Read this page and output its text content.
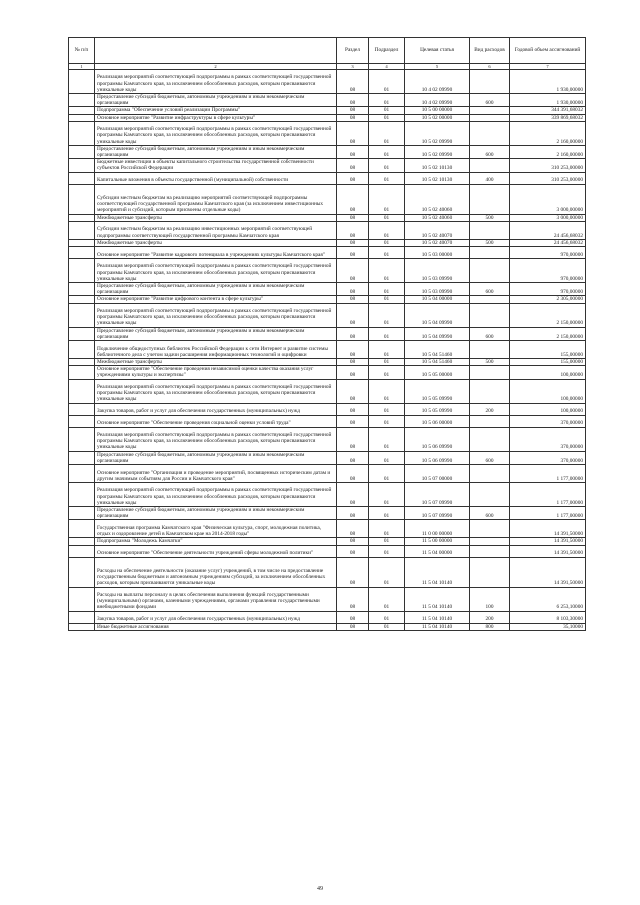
№ п/п		Раздел	Подраздел	Целевая статья	Вид расходов	Годовой объем ассигнований
1	2	3	4	5	6	7
	Реализация мероприятий соответствующей подпрограммы в рамках соответствующей государственной программы Камчатского края, за исключением обособленных расходов, которым присваиваются уникальные коды	08	01	10 4 02 09990		1 930,00000
	Предоставление субсидий бюджетным, автономным учреждениям и иным некоммерческим организациям	08	01	10 4 02 09990	600	1 930,00000
	Подпрограмма "Обеспечение условий реализации Программы"	08	01	10 5 00 00000		344 391,68032
	Основное мероприятие "Развитие инфраструктуры в сфере культуры"	08	01	10 5 02 00000		339 869,68032
	Реализация мероприятий соответствующей подпрограммы в рамках соответствующей государственной программы Камчатского края, за исключением обособленных расходов, которым присваиваются уникальные коды	08	01	10 5 02 09990		2 160,00000
	Предоставление субсидий бюджетным, автономным учреждениям и иным некоммерческим организациям	08	01	10 5 02 09990	600	2 160,00000
	Бюджетные инвестиции в объекты капитального строительства государственной собственности субъектов Российской Федерации	08	01	10 5 02 10130		310 253,00000
	Капитальные вложения в объекты государственной (муниципальной) собственности	08	01	10 5 02 10130	400	310 253,00000
	Субсидии местным бюджетам на реализацию мероприятий соответствующей подпрограммы соответствующей государственной программы Камчатского края (за исключением инвестиционных мероприятий и субсидий, которым присвоены отдельные коды)	08	01	10 5 02 40060		3 000,00000
	Межбюджетные трансферты	08	01	10 5 02 40060	500	3 000,00000
	Субсидии местным бюджетам на реализацию инвестиционных мероприятий соответствующей подпрограммы соответствующей государственной программы Камчатского края	08	01	10 5 02 40070		24 456,68032
	Межбюджетные трансферты	08	01	10 5 02 40070	500	24 456,68032
	Основное мероприятие "Развитие кадрового потенциала в учреждениях культуры Камчатского края"	08	01	10 5 03 00000		970,00000
	Реализация мероприятий соответствующей подпрограммы в рамках соответствующей государственной программы Камчатского края, за исключением обособленных расходов, которым присваиваются уникальные коды	08	01	10 5 03 09990		970,00000
	Предоставление субсидий бюджетным, автономным учреждениям и иным некоммерческим организациям	08	01	10 5 03 09990	600	970,00000
	Основное мероприятие "Развитие цифрового контента в сфере культуры"	08	01	10 5 04 00000		2 305,00000
	Реализация мероприятий соответствующей подпрограммы в рамках соответствующей государственной программы Камчатского края, за исключением обособленных расходов, которым присваиваются уникальные коды	08	01	10 5 04 09990		2 150,00000
	Предоставление субсидий бюджетным, автономным учреждениям и иным некоммерческим организациям	08	01	10 5 04 09990	600	2 150,00000
	Подключение общедоступных библиотек Российской Федерации к сети Интернет и развитие системы библиотечного дела с учетом задачи расширения информационных технологий и оцифровки	08	01	10 5 04 51460		155,00000
	Межбюджетные трансферты	08	01	10 5 04 51460	500	155,00000
	Основное мероприятие "Обеспечение проведения независимой оценки качества оказания услуг учреждениями культуры и экспертизы"	08	01	10 5 05 00000		100,00000
	Реализация мероприятий соответствующей подпрограммы в рамках соответствующей государственной программы Камчатского края, за исключением обособленных расходов, которым присваиваются уникальные коды	08	01	10 5 05 09990		100,00000
	Закупка товаров, работ и услуг для обеспечения государственных (муниципальных) нужд	08	01	10 5 05 09990	200	100,00000
	Основное мероприятие "Обеспечение проведения социальной оценки условий труда"	08	01	10 5 06 00000		370,00000
	Реализация мероприятий соответствующей подпрограммы в рамках соответствующей государственной программы Камчатского края, за исключением обособленных расходов, которым присваиваются уникальные коды	08	01	10 5 06 09990		370,00000
	Предоставление субсидий бюджетным, автономным учреждениям и иным некоммерческим организациям	08	01	10 5 06 09990	600	370,00000
	Основное мероприятие "Организация и проведение мероприятий, посвященных историческим датам и другим значимым событиям для России и Камчатского края"	08	01	10 5 07 00000		1 177,00000
	Реализация мероприятий соответствующей подпрограммы в рамках соответствующей государственной программы Камчатского края, за исключением обособленных расходов, которым присваиваются уникальные коды	08	01	10 5 07 09990		1 177,00000
	Предоставление субсидий бюджетным, автономным учреждениям и иным некоммерческим организациям	08	01	10 5 07 09990	600	1 177,00000
	Государственная программа Камчатского края "Физическая культура, спорт, молодежная политика, отдых и оздоровление детей в Камчатском крае на 2014-2018 годы"	08	01	11 0 00 00000		14 391,50000
	Подпрограмма "Молодежь Камчатки"	08	01	11 5 00 00000		14 391,50000
	Основное мероприятие "Обеспечение деятельности учреждений сферы молодежной политики"	08	01	11 5 04 00000		14 391,50000
	Расходы на обеспечение деятельности (оказание услуг) учреждений, в том числе на предоставление государственным бюджетным и автономным учреждениям субсидий, за исключением обособленных расходов, которым присваиваются уникальные коды	08	01	11 5 04 10140		14 391,50000
	Расходы на выплаты персоналу в целях обеспечения выполнения функций государственными (муниципальными) органами, казенными учреждениями, органами управления государственными внебюджетными фондами	08	01	11 5 04 10140	100	6 253,10000
	Закупка товаров, работ и услуг для обеспечения государственных (муниципальных) нужд	08	01	11 5 04 10140	200	8 103,30000
	Иные бюджетные ассигнования	08	01	11 5 04 10140	800	35,10000
49
